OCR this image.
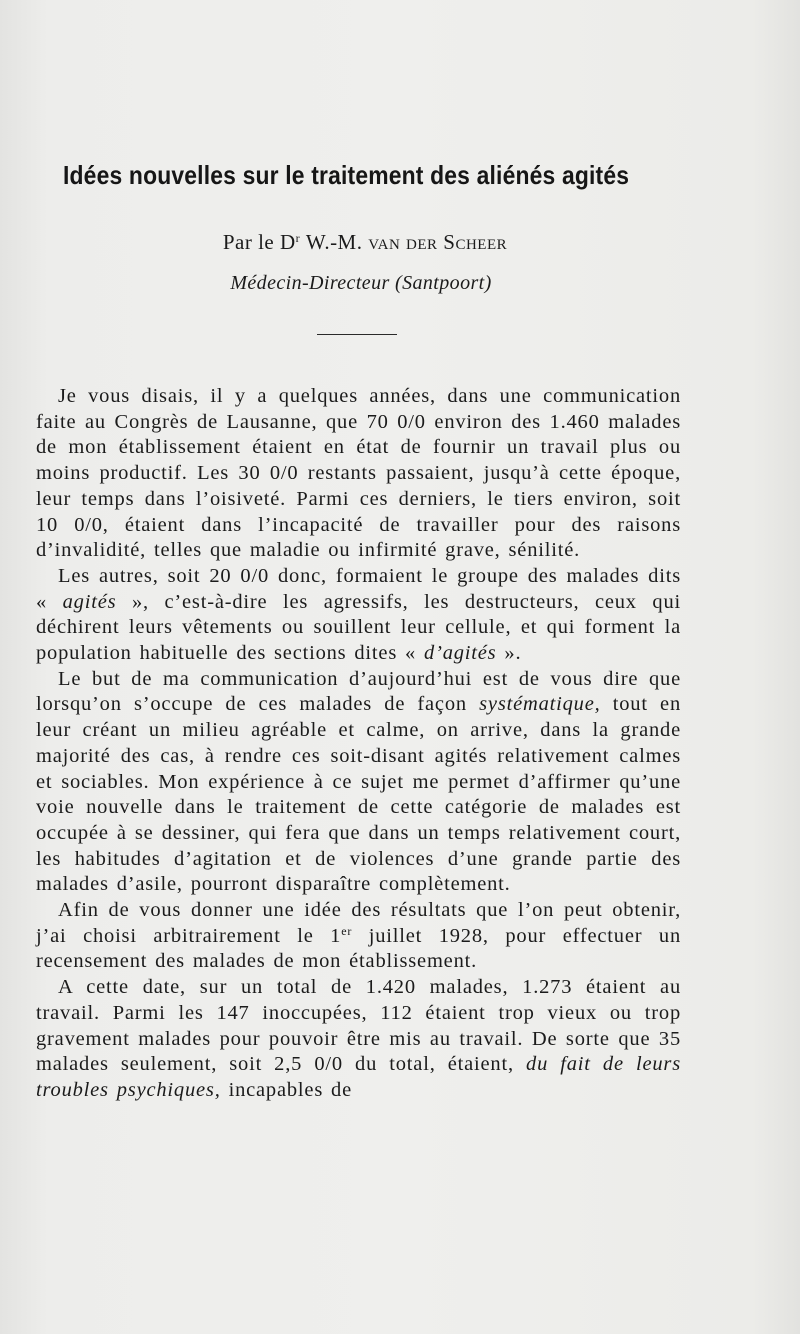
Idées nouvelles sur le traitement des aliénés agités
Par le $D^r$ W.-M. van der Scheer
Médecin-Directeur (Santpoort)

Je vous disais, il y a quelques années, dans une communication faite au Congrès de Lausanne, que 70 0/0 environ des 1.460 malades de mon établissement étaient en état de fournir un travail plus ou moins productif. Les 30 0/0 restants passaient, jusqu’à cette époque, leur temps dans l’oisiveté. Parmi ces derniers, le tiers environ, soit 10 0/0, étaient dans l’incapacité de travailler pour des raisons d’invalidité, telles que maladie ou infirmité grave, sénilité.

Les autres, soit 20 0/0 donc, formaient le groupe des malades dits « agités », c’est-à-dire les agressifs, les destructeurs, ceux qui déchirent leurs vêtements ou souillent leur cellule, et qui forment la population habituelle des sections dites « d’agités ».

Le but de ma communication d’aujourd’hui est de vous dire que lorsqu’on s’occupe de ces malades de façon systématique, tout en leur créant un milieu agréable et calme, on arrive, dans la grande majorité des cas, à rendre ces soit-disant agités relativement calmes et sociables. Mon expérience à ce sujet me permet d’affirmer qu’une voie nouvelle dans le traitement de cette catégorie de malades est occupée à se dessiner, qui fera que dans un temps relativement court, les habitudes d’agitation et de violences d’une grande partie des malades d’asile, pourront disparaître complètement.

Afin de vous donner une idée des résultats que l’on peut obtenir, j’ai choisi arbitrairement le 1er juillet 1928, pour effectuer un recensement des malades de mon établissement.

A cette date, sur un total de 1.420 malades, 1.273 étaient au travail. Parmi les 147 inoccupées, 112 étaient trop vieux ou trop gravement malades pour pouvoir être mis au travail. De sorte que 35 malades seulement, soit 2,5 0/0 du total, étaient, du fait de leurs troubles psychiques, incapables de
